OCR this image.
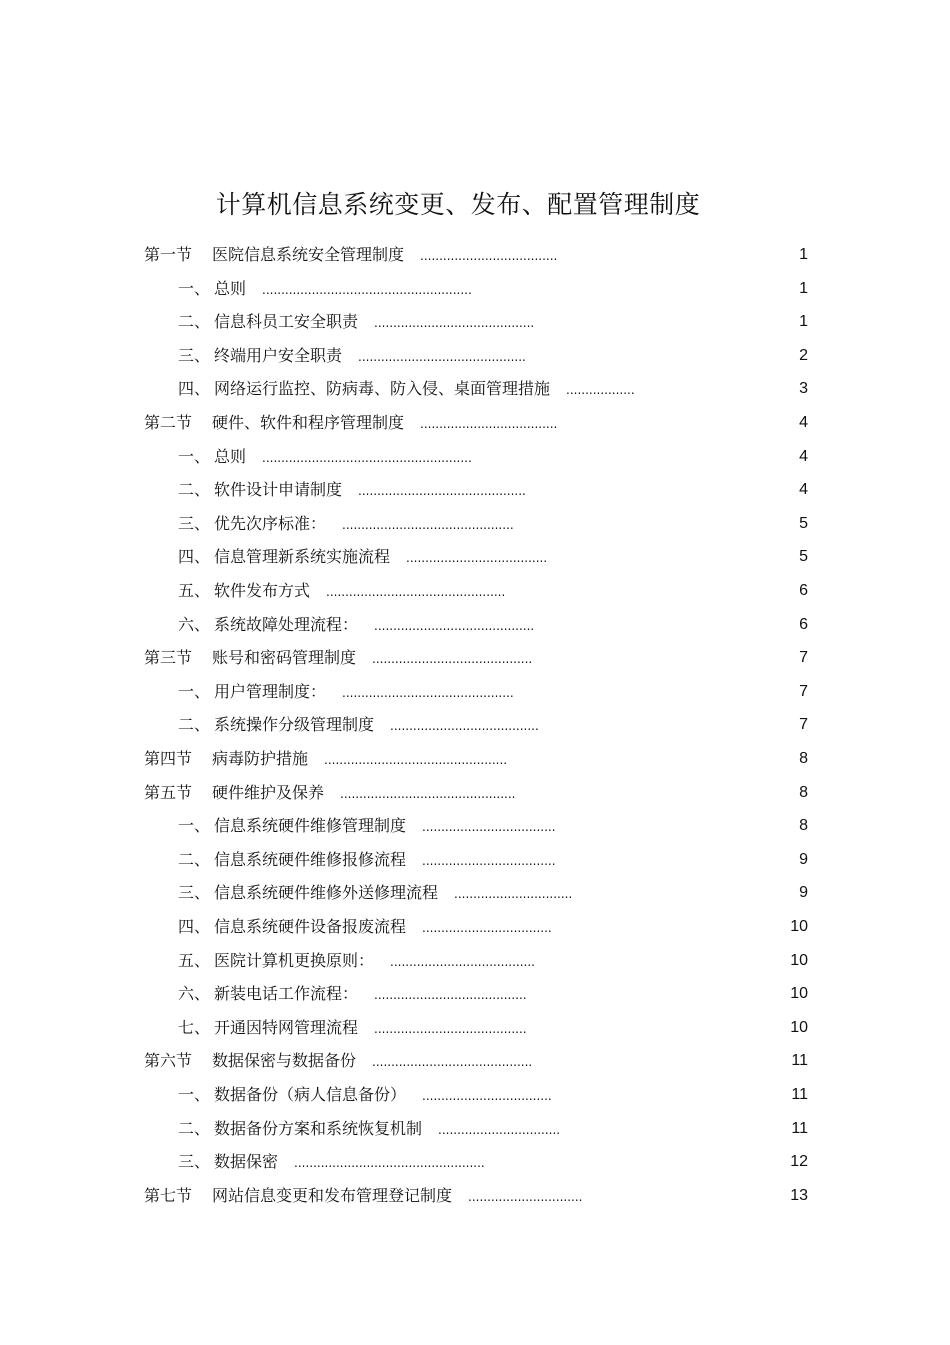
计算机信息系统变更、发布、配置管理制度
第一节 医院信息系统安全管理制度 ....................................	1
一、 总则 .......................................................	1
二、 信息科员工安全职责 ..........................................	1
三、 终端用户安全职责 ............................................	2
四、 网络运行监控、防病毒、防入侵、桌面管理措施 ..................	3
第二节 硬件、软件和程序管理制度 ....................................	4
一、 总则 .......................................................	4
二、 软件设计申请制度 ............................................	4
三、 优先次序标准： .............................................	5
四、 信息管理新系统实施流程 .....................................	5
五、 软件发布方式 ...............................................	6
六、 系统故障处理流程： ..........................................	6
第三节 账号和密码管理制度 ..........................................	7
一、 用户管理制度： .............................................	7
二、 系统操作分级管理制度 .......................................	7
第四节 病毒防护措施 ................................................	8
第五节 硬件维护及保养 ..............................................	8
一、 信息系统硬件维修管理制度 ...................................	8
二、 信息系统硬件维修报修流程 ...................................	9
三、 信息系统硬件维修外送修理流程 ...............................	9
四、 信息系统硬件设备报废流程 ..................................	10
五、 医院计算机更换原则： ......................................	10
六、 新装电话工作流程： ........................................	10
七、 开通因特网管理流程 ........................................	10
第六节 数据保密与数据备份 ..........................................	11
一、 数据备份（病人信息备份） ..................................	11
二、 数据备份方案和系统恢复机制 ................................	11
三、 数据保密 ..................................................	12
第七节 网站信息变更和发布管理登记制度 ..............................	13
